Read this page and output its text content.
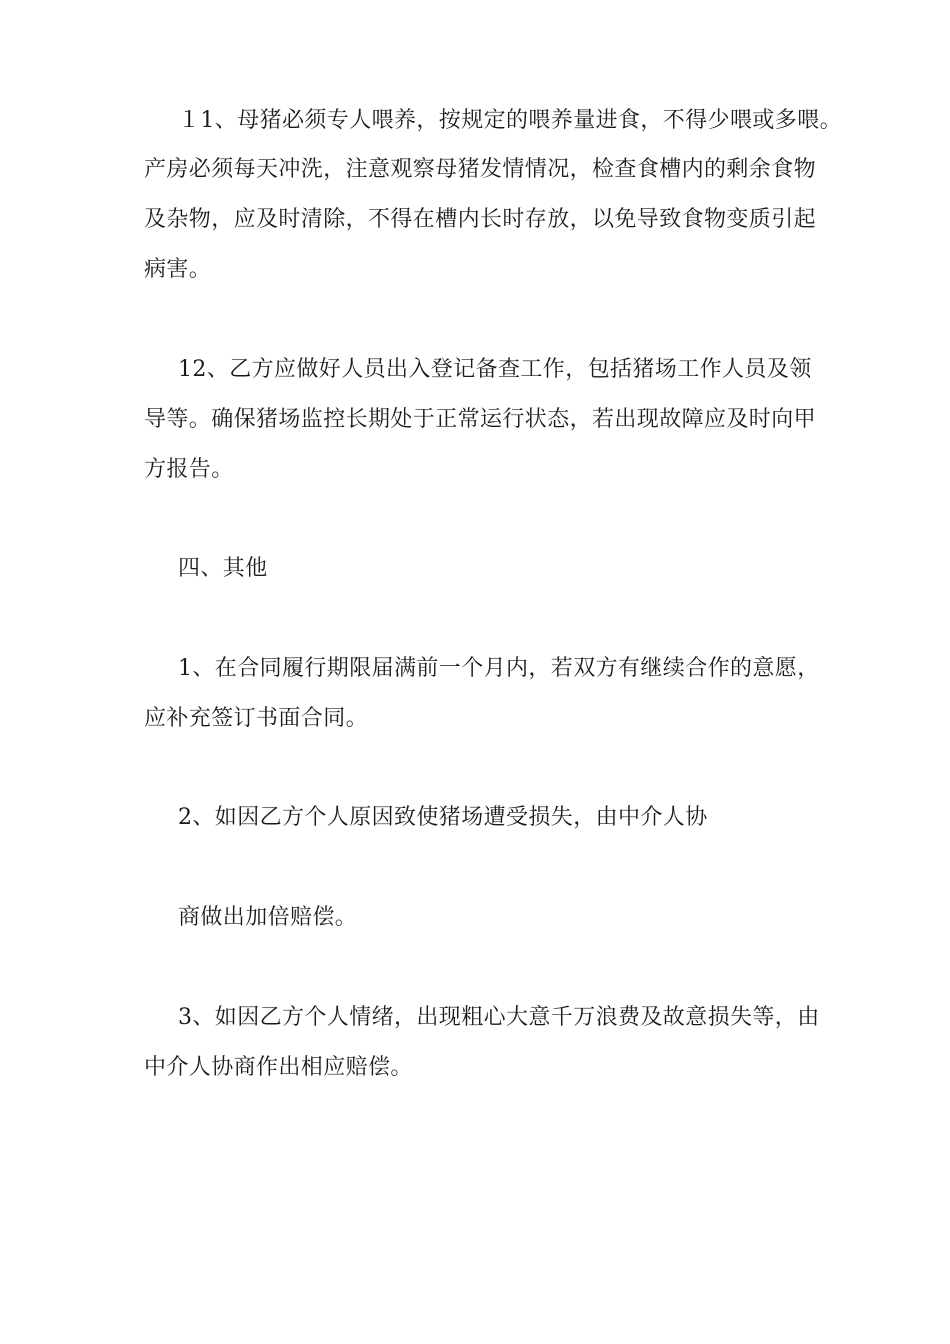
１1、母猪必须专人喂养，按规定的喂养量进食，不得少喂或多喂。
产房必须每天冲洗，注意观察母猪发情情况，检查食槽内的剩余食物
及杂物，应及时清除，不得在槽内长时存放，以免导致食物变质引起
病害。
12、乙方应做好人员出入登记备查工作，包括猪场工作人员及领
导等。确保猪场监控长期处于正常运行状态，若出现故障应及时向甲
方报告。
四、其他
1、在合同履行期限届满前一个月内，若双方有继续合作的意愿，
应补充签订书面合同。
2、如因乙方个人原因致使猪场遭受损失，由中介人协
商做出加倍赔偿。
3、如因乙方个人情绪，出现粗心大意千万浪费及故意损失等，由
中介人协商作出相应赔偿。
